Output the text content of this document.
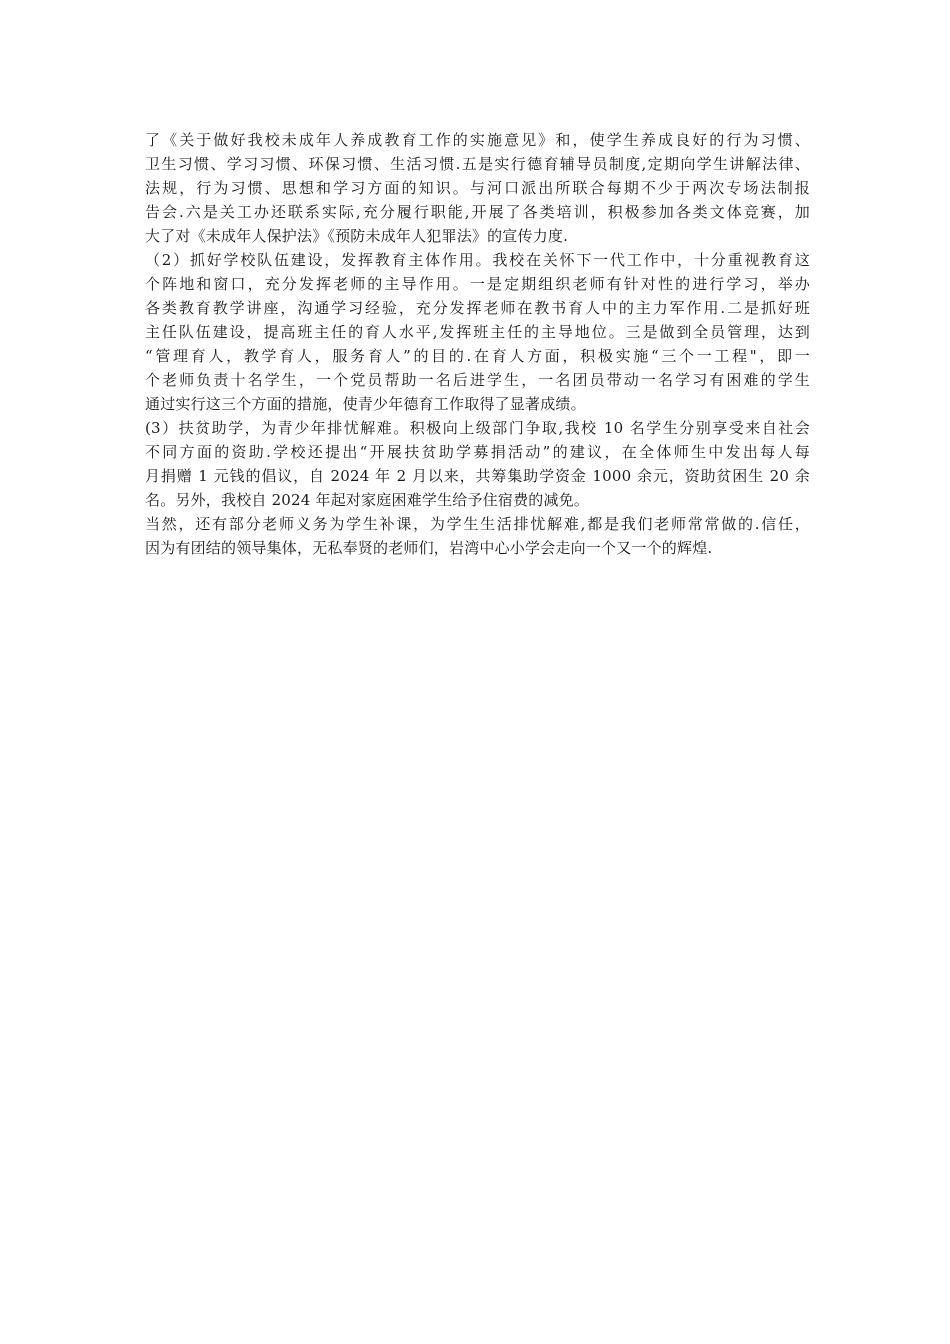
了《关于做好我校未成年人养成教育工作的实施意见》和，使学生养成良好的行为习惯、
卫生习惯、学习习惯、环保习惯、生活习惯.五是实行德育辅导员制度,定期向学生讲解法律、
法规，行为习惯、思想和学习方面的知识。与河口派出所联合每期不少于两次专场法制报
告会.六是关工办还联系实际,充分履行职能,开展了各类培训，积极参加各类文体竞赛，加
大了对《未成年人保护法》《预防未成年人犯罪法》的宣传力度.
（2）抓好学校队伍建设，发挥教育主体作用。我校在关怀下一代工作中，十分重视教育这
个阵地和窗口，充分发挥老师的主导作用。一是定期组织老师有针对性的进行学习，举办
各类教育教学讲座，沟通学习经验，充分发挥老师在教书育人中的主力军作用.二是抓好班
主任队伍建设，提高班主任的育人水平,发挥班主任的主导地位。三是做到全员管理，达到
“管理育人，教学育人，服务育人”的目的.在育人方面，积极实施“三个一工程"，即一
个老师负责十名学生，一个党员帮助一名后进学生，一名团员带动一名学习有困难的学生
通过实行这三个方面的措施，使青少年德育工作取得了显著成绩。
(3）扶贫助学，为青少年排忧解难。积极向上级部门争取,我校 10 名学生分别享受来自社会
不同方面的资助.学校还提出“开展扶贫助学募捐活动”的建议，在全体师生中发出每人每
月捐赠 1 元钱的倡议，自 2024 年 2 月以来，共筹集助学资金 1000 余元，资助贫困生 20 余
名。另外，我校自 2024 年起对家庭困难学生给予住宿费的减免。
当然，还有部分老师义务为学生补课，为学生生活排忧解难,都是我们老师常常做的.信任，
因为有团结的领导集体，无私奉贤的老师们，岩湾中心小学会走向一个又一个的辉煌.
